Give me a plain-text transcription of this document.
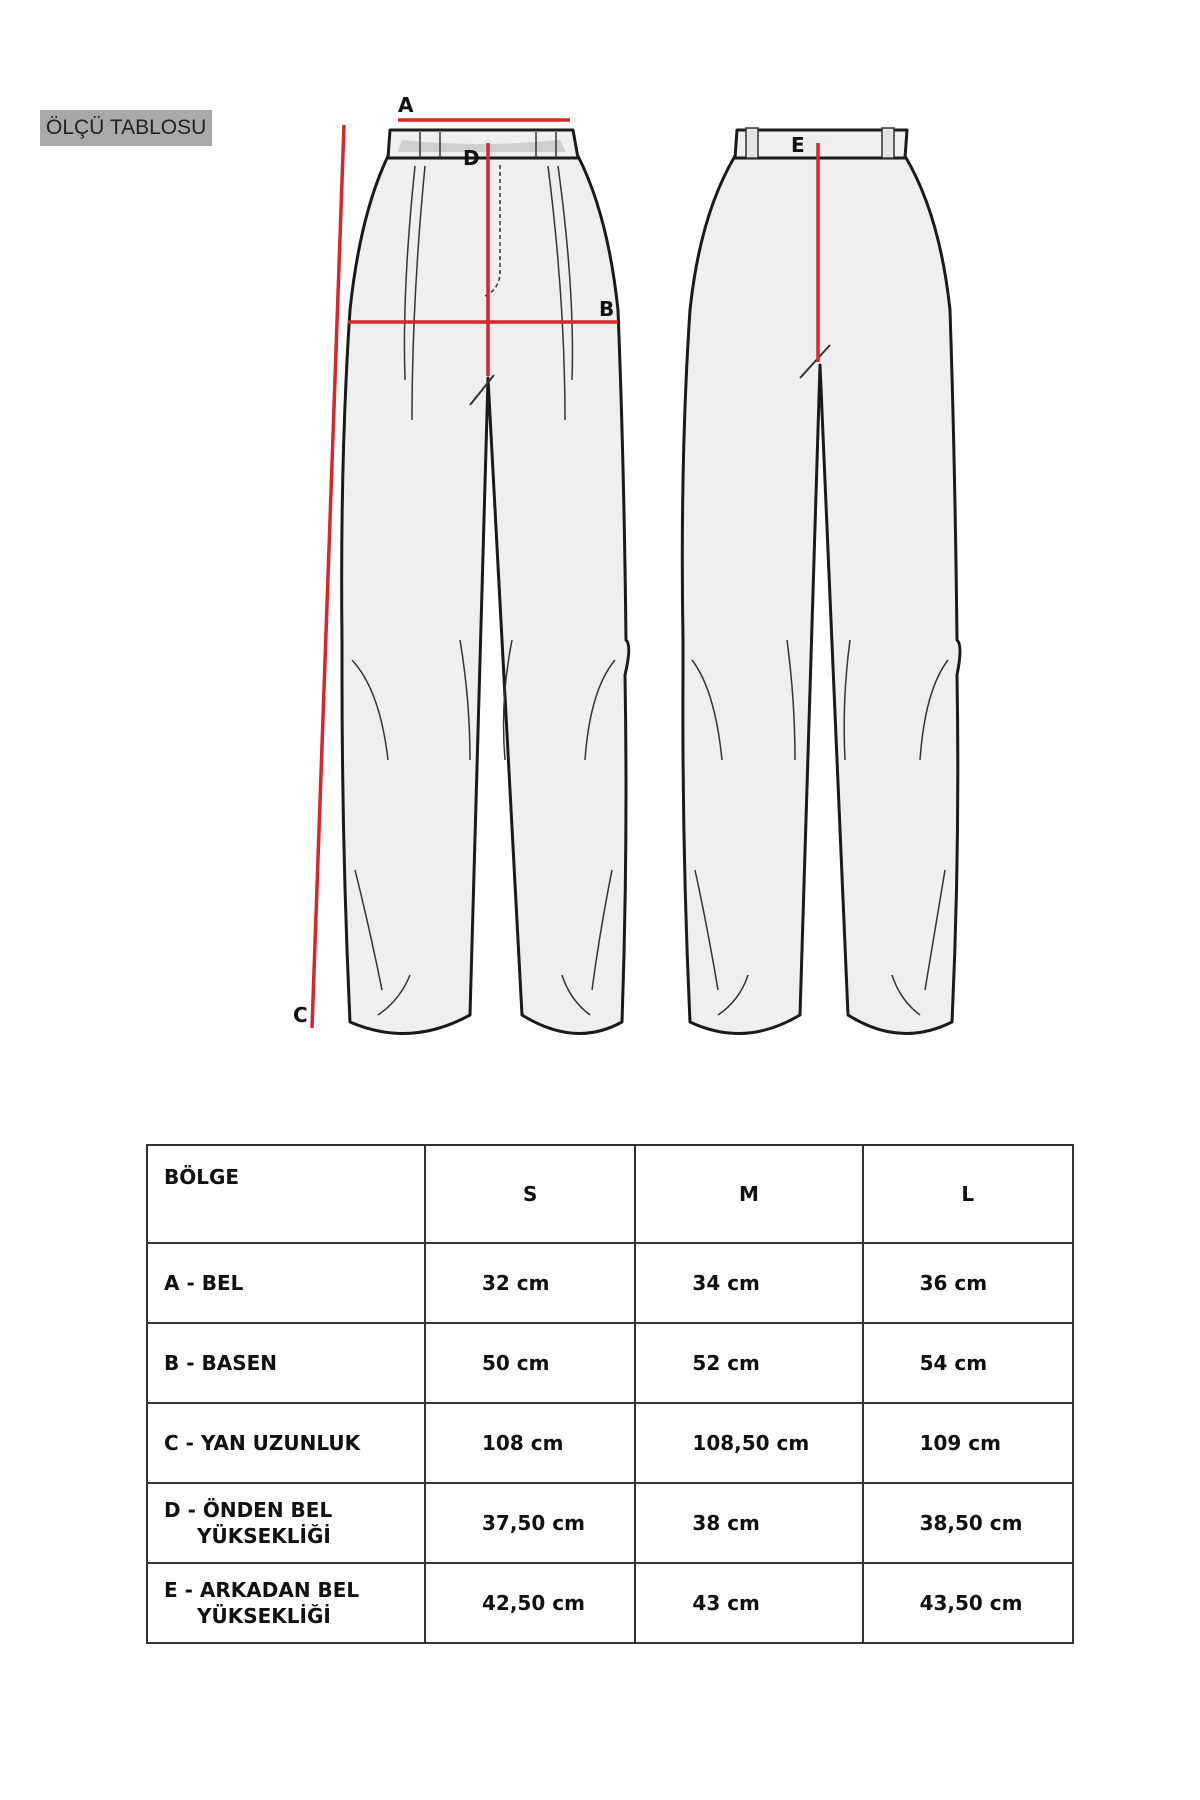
ÖLÇÜ TABLOSU
A
B
C
D
E
BÖLGE	S	M	L
A - BEL	32 cm	34 cm	36 cm
B - BASEN	50 cm	52 cm	54 cm
C - YAN UZUNLUK	108 cm	108,50 cm	109 cm
D - ÖNDEN BEL
YÜKSEKLİĞİ	37,50 cm	38 cm	38,50 cm
E - ARKADAN BEL
YÜKSEKLİĞİ	42,50 cm	43 cm	43,50 cm
